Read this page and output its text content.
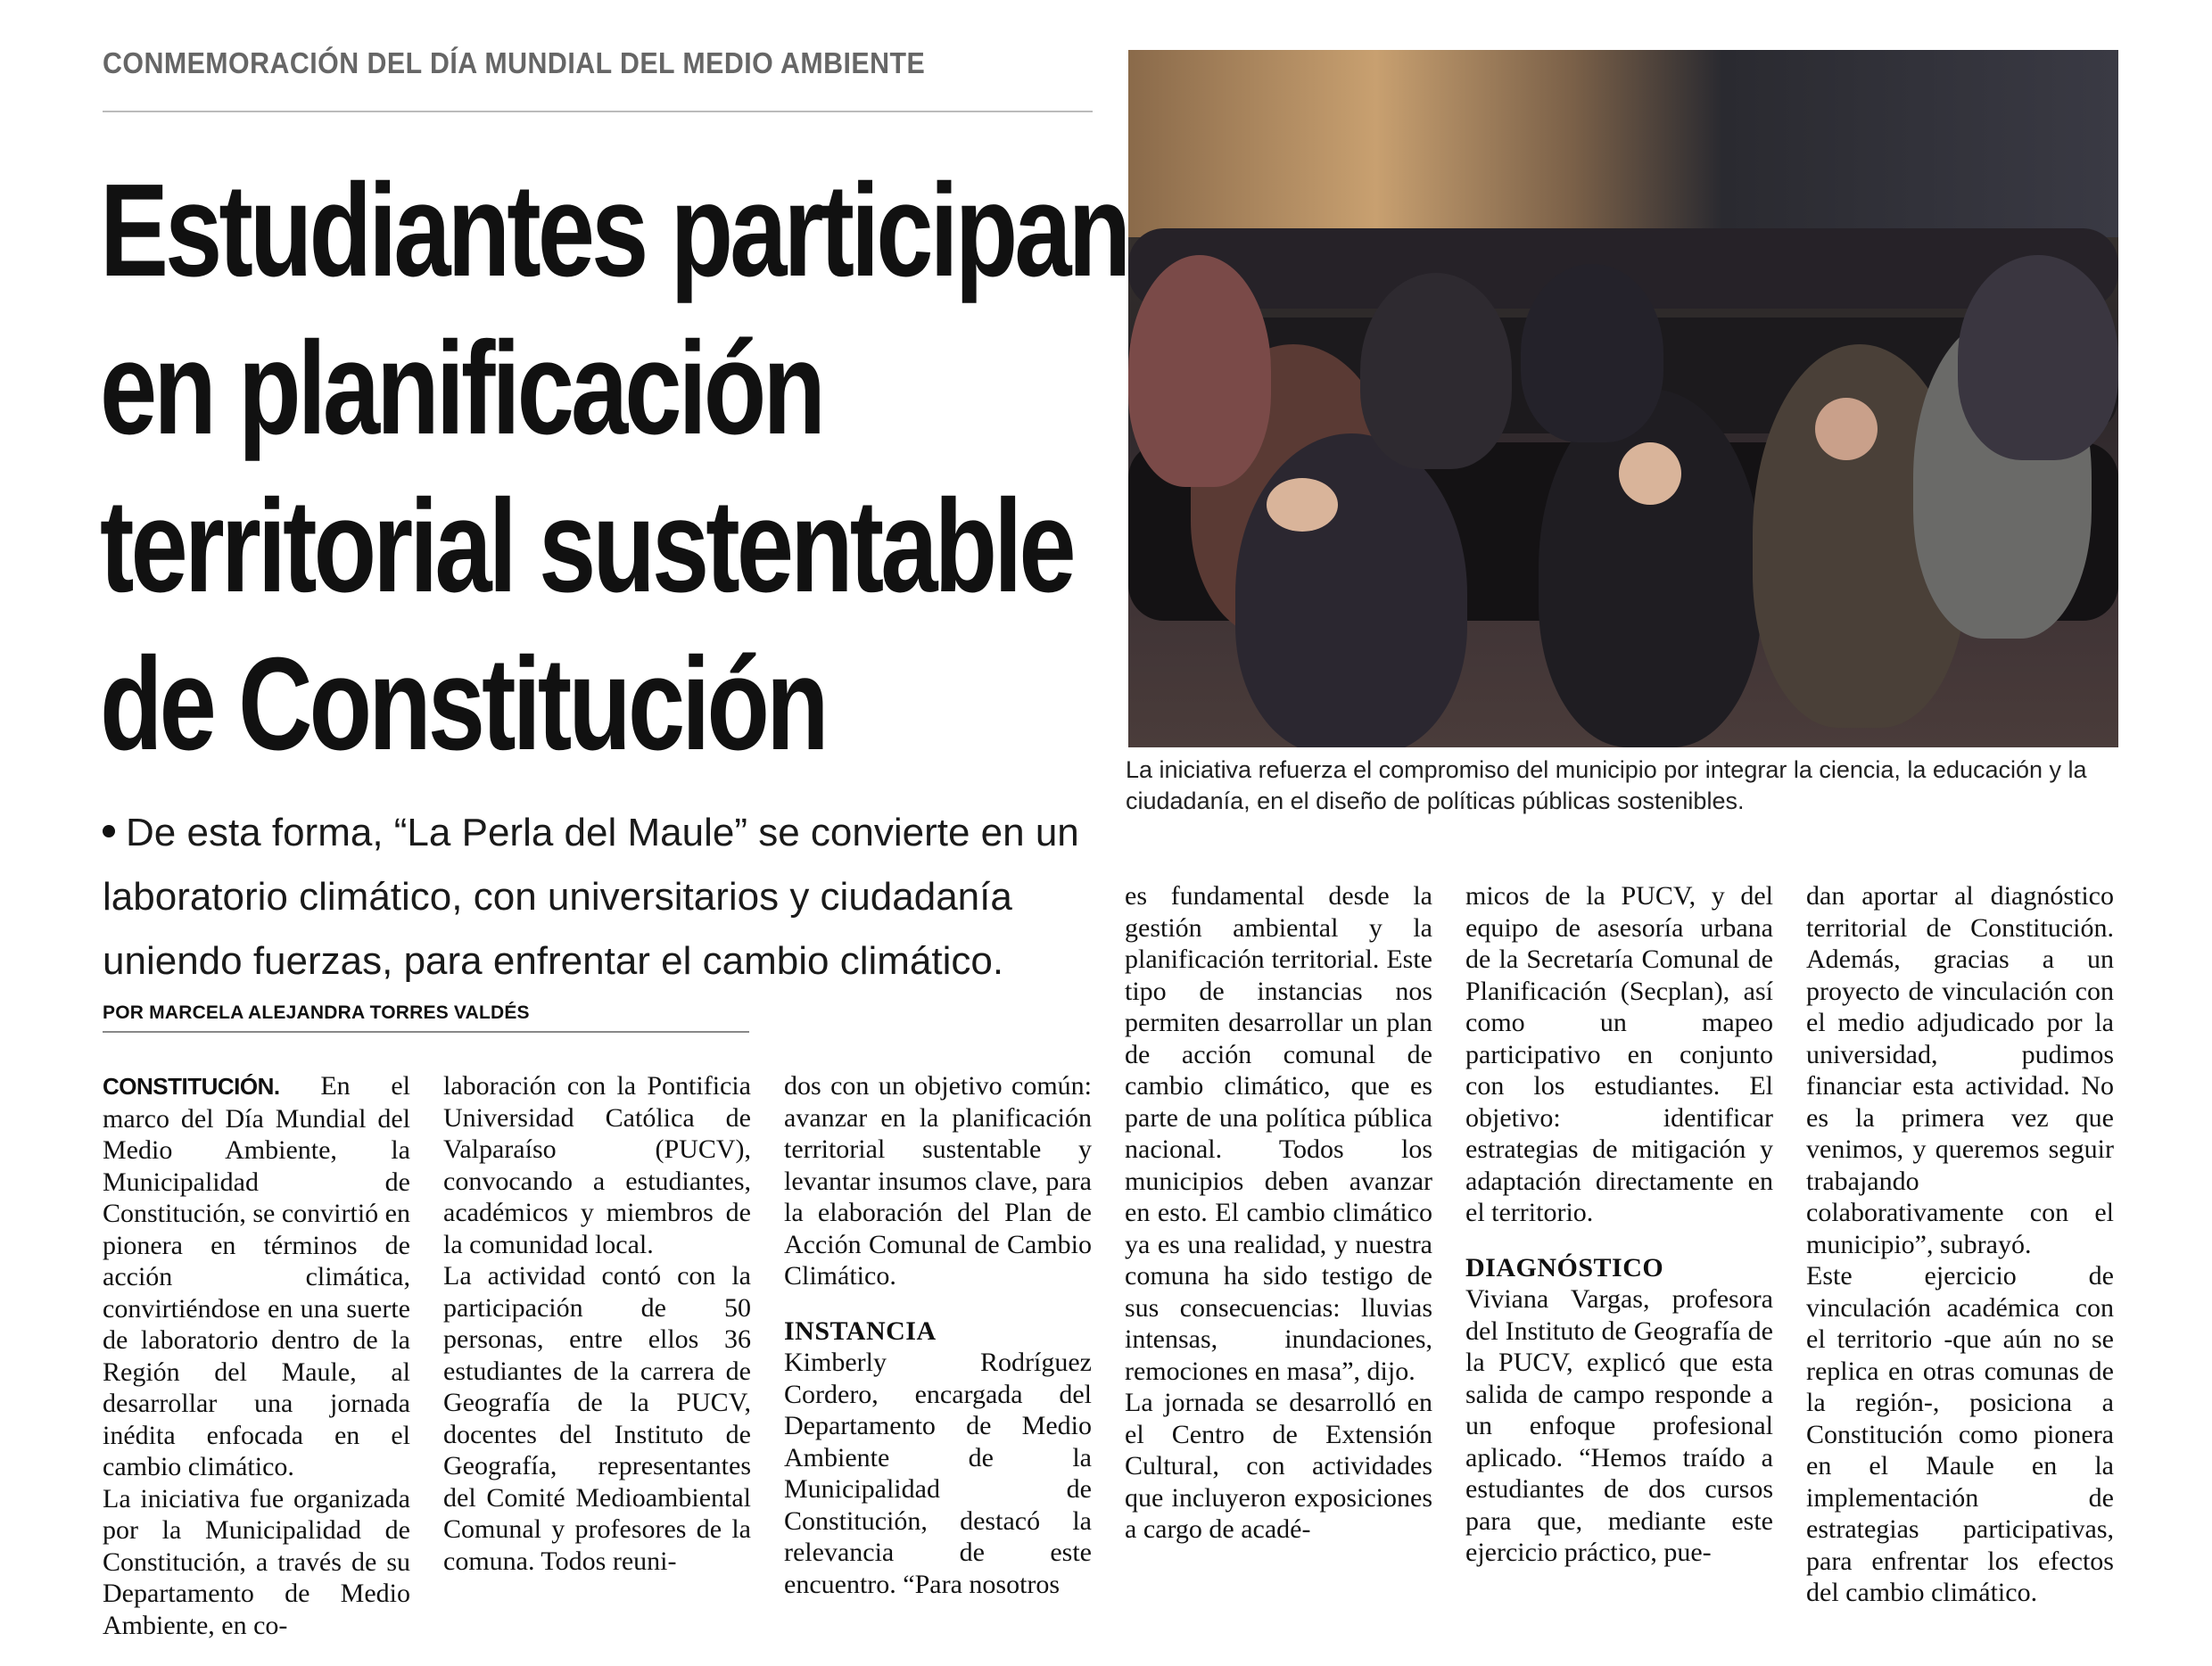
CONMEMORACIÓN DEL DÍA MUNDIAL DEL MEDIO AMBIENTE
Estudiantes participan
en planificación
territorial sustentable
de Constitución	La iniciativa refuerza el compromiso del municipio por integrar la ciencia, la educación y la ciudadanía, en el diseño de políticas públicas sostenibles.
De esta forma, “La Perla del Maule” se convierte en un laboratorio climático, con universitarios y ciudadanía uniendo fuerzas, para enfrentar el cambio climático.
POR MARCELA ALEJANDRA TORRES VALDÉS

CONSTITUCIÓN. En el marco del Día Mundial del Medio Ambiente, la Municipalidad de Constitución, se convirtió en pionera en términos de acción climática, convirtiéndose en una suerte de laboratorio dentro de la Región del Maule, al desarrollar una jornada inédita enfocada en el cambio climático.

La iniciativa fue organizada por la Municipalidad de Constitución, a través de su Departamento de Medio Ambiente, en co-

laboración con la Pontificia Universidad Católica de Valparaíso (PUCV), convocando a estudiantes, académicos y miembros de la comunidad local.

La actividad contó con la participación de 50 personas, entre ellos 36 estudiantes de la carrera de Geografía de la PUCV, docentes del Instituto de Geografía, representantes del Comité Medioambiental Comunal y profesores de la comuna. Todos reuni-

dos con un objetivo común: avanzar en la planificación territorial sustentable y levantar insumos clave, para la elaboración del Plan de Acción Comunal de Cambio Climático.

INSTANCIA

Kimberly Rodríguez Cordero, encargada del Departamento de Medio Ambiente de la Municipalidad de Constitución, destacó la relevancia de este encuentro. “Para nosotros

es fundamental desde la gestión ambiental y la planificación territorial. Este tipo de instancias nos permiten desarrollar un plan de acción comunal de cambio climático, que es parte de una política pública nacional. Todos los municipios deben avanzar en esto. El cambio climático ya es una realidad, y nuestra comuna ha sido testigo de sus consecuencias: lluvias intensas, inundaciones, remociones en masa”, dijo.

La jornada se desarrolló en el Centro de Extensión Cultural, con actividades que incluyeron exposiciones a cargo de acadé-

micos de la PUCV, y del equipo de asesoría urbana de la Secretaría Comunal de Planificación (Secplan), así como un mapeo participativo en conjunto con los estudiantes. El objetivo: identificar estrategias de mitigación y adaptación directamente en el territorio.

DIAGNÓSTICO

Viviana Vargas, profesora del Instituto de Geografía de la PUCV, explicó que esta salida de campo responde a un enfoque profesional aplicado. “Hemos traído a estudiantes de dos cursos para que, mediante este ejercicio práctico, pue-

dan aportar al diagnóstico territorial de Constitución. Además, gracias a un proyecto de vinculación con el medio adjudicado por la universidad, pudimos financiar esta actividad. No es la primera vez que venimos, y queremos seguir trabajando colaborativamente con el municipio”, subrayó.

Este ejercicio de vinculación académica con el territorio -que aún no se replica en otras comunas de la región-, posiciona a Constitución como pionera en el Maule en la implementación de estrategias participativas, para enfrentar los efectos del cambio climático.
